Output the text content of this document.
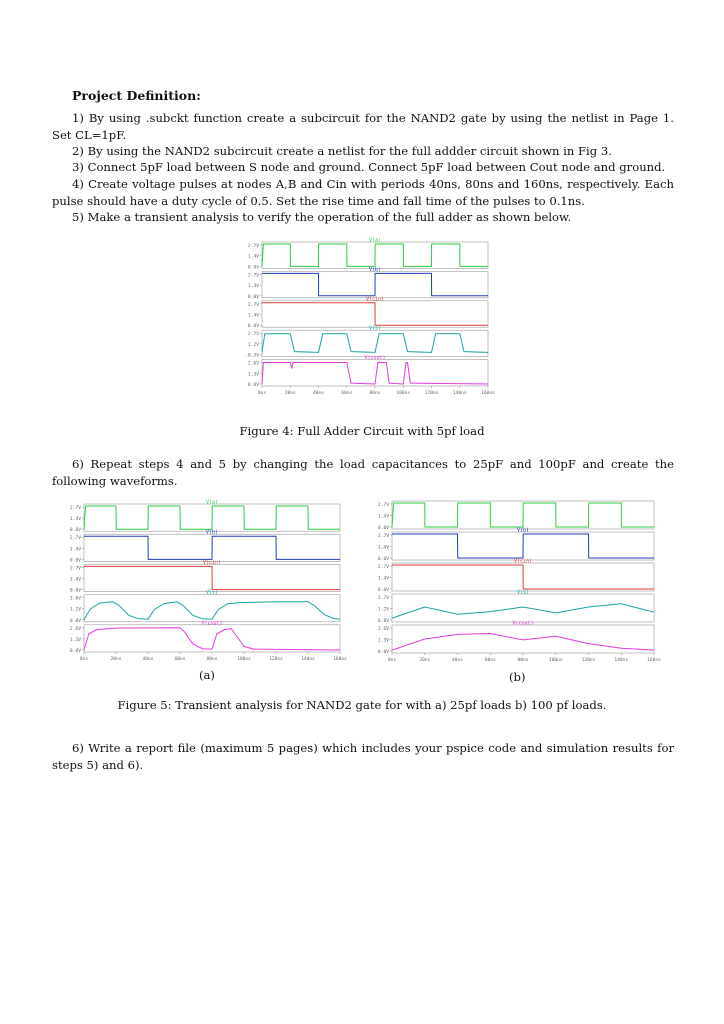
Project Definition:
1) By using .subckt function create a subcircuit for the NAND2 gate by using the netlist in Page 1. Set CL=1pF.
2) By using the NAND2 subcircuit create a netlist for the full addder circuit shown in Fig 3.
3) Connect 5pF load between S node and ground. Connect 5pF load between Cout node and ground.
4) Create voltage pulses at nodes A,B and Cin with periods 40ns, 80ns and 160ns, respectively. Each pulse should have a duty cycle of 0.5. Set the rise time and fall time of the pulses to 0.1ns.
5) Make a transient analysis to verify the operation of the full adder as shown below.
2.7V
1.4V
0.0V
V(a)
2.7V
1.4V
0.0V
V(b)
2.7V
1.4V
0.0V
V(cin)
2.7V
1.2V
-0.3V
V(s)
2.6V
1.3V
0.0V
V(cout)
0ns	20ns	40ns	60ns	80ns	100ns	120ns	140ns	160ns
Figure 4: Full Adder Circuit with 5pf load
6) Repeat steps 4 and 5 by changing the load capacitances to 25pF and 100pF and create the following waveforms.
2.7V
1.4V
0.0V
V(a)
2.7V
1.4V
0.0V
V(b)
2.7V
1.4V
0.0V
V(cin)
3.6V
1.2V
0.0V
V(s)
2.6V
1.3V
0.0V
V(cout)
0ns	20ns	40ns	60ns	80ns	100ns	120ns	140ns	160ns
2.7V
1.4V
0.0V
2.7V
1.4V
0.0V
V(b)
2.7V
1.4V
0.0V
V(cin)
3.7V
1.2V
0.0V
V(s)
2.6V
1.3V
0.0V
V(cout)
0ns	20ns	40ns	60ns	80ns	100ns	120ns	140ns	160ns
(a)	(b)
Figure 5: Transient analysis for NAND2 gate for with a) 25pf loads b) 100 pf loads.
6) Write a report file (maximum 5 pages) which includes your pspice code and simulation results for steps 5) and 6).
